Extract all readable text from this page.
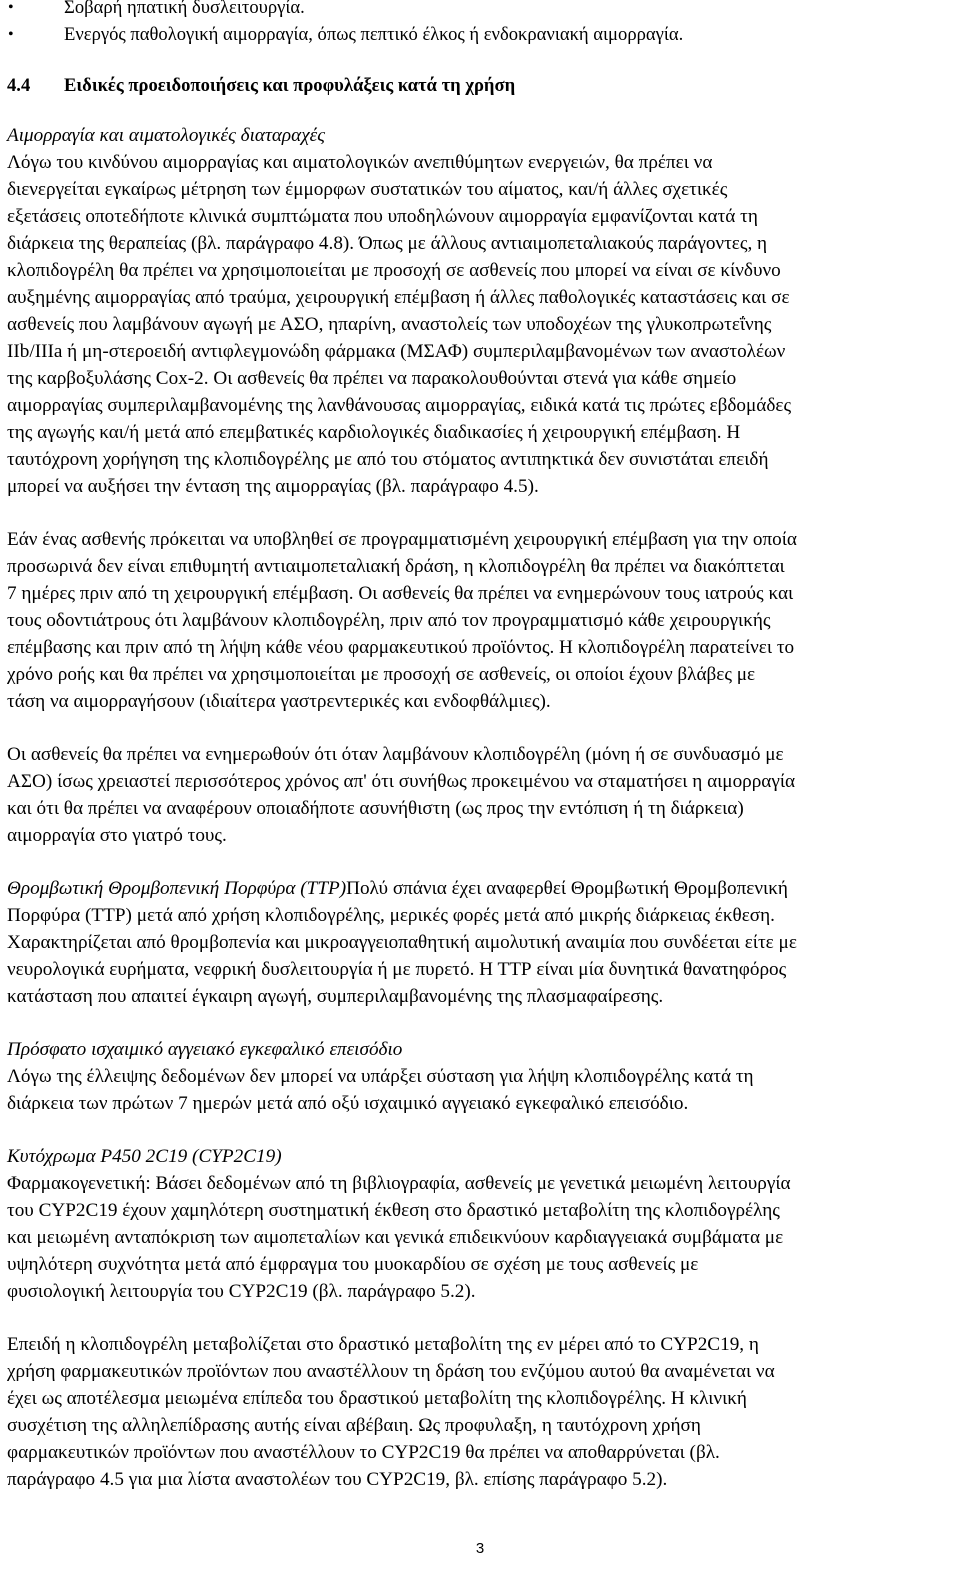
•	Σοβαρή ηπατική δυσλειτουργία.
•	Ενεργός παθολογική αιμορραγία, όπως πεπτικό έλκος ή ενδοκρανιακή αιμορραγία.
4.4 Ειδικές προειδοποιήσεις και προφυλάξεις κατά τη χρήση
Αιμορραγία και αιματολογικές διαταραχές
Λόγω του κινδύνου αιμορραγίας και αιματολογικών ανεπιθύμητων ενεργειών, θα πρέπει να
διενεργείται εγκαίρως μέτρηση των έμμορφων συστατικών του αίματος, και/ή άλλες σχετικές
εξετάσεις οποτεδήποτε κλινικά συμπτώματα που υποδηλώνουν αιμορραγία εμφανίζονται κατά τη
διάρκεια της θεραπείας (βλ. παράγραφο 4.8). Όπως με άλλους αντιαιμοπεταλιακούς παράγοντες, η
κλοπιδογρέλη θα πρέπει να χρησιμοποιείται με προσοχή σε ασθενείς που μπορεί να είναι σε κίνδυνο
αυξημένης αιμορραγίας από τραύμα, χειρουργική επέμβαση ή άλλες παθολογικές καταστάσεις και σε
ασθενείς που λαμβάνουν αγωγή με ΑΣΟ, ηπαρίνη, αναστολείς των υποδοχέων της γλυκοπρωτεΐνης
IIb/IIIa ή μη-στεροειδή αντιφλεγμονώδη φάρμακα (ΜΣΑΦ) συμπεριλαμβανομένων των αναστολέων
της καρβοξυλάσης Cox-2. Οι ασθενείς θα πρέπει να παρακολουθούνται στενά για κάθε σημείο
αιμορραγίας συμπεριλαμβανομένης της λανθάνουσας αιμορραγίας, ειδικά κατά τις πρώτες εβδομάδες
της αγωγής και/ή μετά από επεμβατικές καρδιολογικές διαδικασίες ή χειρουργική επέμβαση. Η
ταυτόχρονη χορήγηση της κλοπιδογρέλης με από του στόματος αντιπηκτικά δεν συνιστάται επειδή
μπορεί να αυξήσει την ένταση της αιμορραγίας (βλ. παράγραφο 4.5).
Εάν ένας ασθενής πρόκειται να υποβληθεί σε προγραμματισμένη χειρουργική επέμβαση για την οποία
προσωρινά δεν είναι επιθυμητή αντιαιμοπεταλιακή δράση, η κλοπιδογρέλη θα πρέπει να διακόπτεται
7 ημέρες πριν από τη χειρουργική επέμβαση. Οι ασθενείς θα πρέπει να ενημερώνουν τους ιατρούς και
τους οδοντιάτρους ότι λαμβάνουν κλοπιδογρέλη, πριν από τον προγραμματισμό κάθε χειρουργικής
επέμβασης και πριν από τη λήψη κάθε νέου φαρμακευτικού προϊόντος. Η κλοπιδογρέλη παρατείνει το
χρόνο ροής και θα πρέπει να χρησιμοποιείται με προσοχή σε ασθενείς, οι οποίοι έχουν βλάβες με
τάση να αιμορραγήσουν (ιδιαίτερα γαστρεντερικές και ενδοφθάλμιες).
Οι ασθενείς θα πρέπει να ενημερωθούν ότι όταν λαμβάνουν κλοπιδογρέλη (μόνη ή σε συνδυασμό με
ΑΣΟ) ίσως χρειαστεί περισσότερος χρόνος απ' ότι συνήθως προκειμένου να σταματήσει η αιμορραγία
και ότι θα πρέπει να αναφέρουν οποιαδήποτε ασυνήθιστη (ως προς την εντόπιση ή τη διάρκεια)
αιμορραγία στο γιατρό τους.
Θρομβωτική Θρομβοπενική Πορφύρα (ΤΤΡ)Πολύ σπάνια έχει αναφερθεί Θρομβωτική Θρομβοπενική
Πορφύρα (ΤΤΡ) μετά από χρήση κλοπιδογρέλης, μερικές φορές μετά από μικρής διάρκειας έκθεση.
Χαρακτηρίζεται από θρομβοπενία και μικροαγγειοπαθητική αιμολυτική αναιμία που συνδέεται είτε με
νευρολογικά ευρήματα, νεφρική δυσλειτουργία ή με πυρετό. Η ΤΤΡ είναι μία δυνητικά θανατηφόρος
κατάσταση που απαιτεί έγκαιρη αγωγή, συμπεριλαμβανομένης της πλασμαφαίρεσης.
Πρόσφατο ισχαιμικό αγγειακό εγκεφαλικό επεισόδιο
Λόγω της έλλειψης δεδομένων δεν μπορεί να υπάρξει σύσταση για λήψη κλοπιδογρέλης κατά τη
διάρκεια των πρώτων 7 ημερών μετά από οξύ ισχαιμικό αγγειακό εγκεφαλικό επεισόδιο.
Κυτόχρωμα P450 2C19 (CYP2C19)
Φαρμακογενετική: Βάσει δεδομένων από τη βιβλιογραφία, ασθενείς με γενετικά μειωμένη λειτουργία
του CYP2C19 έχουν χαμηλότερη συστηματική έκθεση στο δραστικό μεταβολίτη της κλοπιδογρέλης
και μειωμένη ανταπόκριση των αιμοπεταλίων και γενικά επιδεικνύουν καρδιαγγειακά συμβάματα με
υψηλότερη συχνότητα μετά από έμφραγμα του μυοκαρδίου σε σχέση με τους ασθενείς με
φυσιολογική λειτουργία του CYP2C19 (βλ. παράγραφο 5.2).
Επειδή η κλοπιδογρέλη μεταβολίζεται στο δραστικό μεταβολίτη της εν μέρει από το CYP2C19, η
χρήση φαρμακευτικών προϊόντων που αναστέλλουν τη δράση του ενζύμου αυτού θα αναμένεται να
έχει ως αποτέλεσμα μειωμένα επίπεδα του δραστικού μεταβολίτη της κλοπιδογρέλης. Η κλινική
συσχέτιση της αλληλεπίδρασης αυτής είναι αβέβαιη. Ως προφυλαξη, η ταυτόχρονη χρήση
φαρμακευτικών προϊόντων που αναστέλλουν το CYP2C19 θα πρέπει να αποθαρρύνεται (βλ.
παράγραφο 4.5 για μια λίστα αναστολέων του CYP2C19, βλ. επίσης παράγραφο 5.2).
3
